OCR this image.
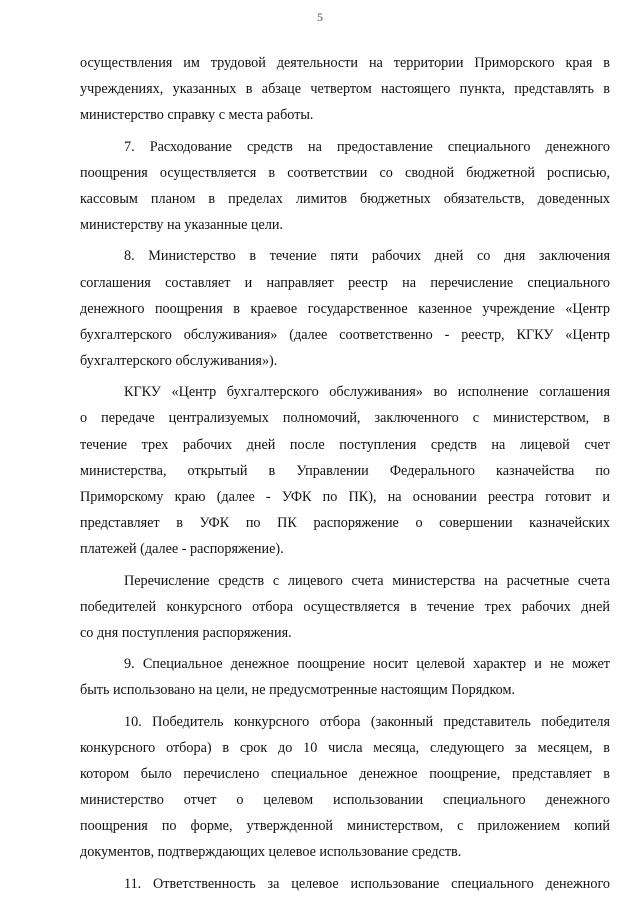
5
осуществления им трудовой деятельности на территории Приморского края в
учреждениях, указанных в абзаце четвертом настоящего пункта, представлять в
министерство справку с места работы.
7. Расходование средств на предоставление специального денежного
поощрения осуществляется в соответствии со сводной бюджетной росписью,
кассовым планом в пределах лимитов бюджетных обязательств, доведенных
министерству на указанные цели.
8. Министерство в течение пяти рабочих дней со дня заключения
соглашения составляет и направляет реестр на перечисление специального
денежного поощрения в краевое государственное казенное учреждение «Центр
бухгалтерского обслуживания» (далее соответственно - реестр, КГКУ «Центр
бухгалтерского обслуживания»).
КГКУ «Центр бухгалтерского обслуживания» во исполнение соглашения
о передаче централизуемых полномочий, заключенного с министерством, в
течение трех рабочих дней после поступления средств на лицевой счет
министерства, открытый в Управлении Федерального казначейства по
Приморскому краю (далее - УФК по ПК), на основании реестра готовит и
представляет в УФК по ПК распоряжение о совершении казначейских
платежей (далее - распоряжение).
Перечисление средств с лицевого счета министерства на расчетные счета
победителей конкурсного отбора осуществляется в течение трех рабочих дней
со дня поступления распоряжения.
9. Специальное денежное поощрение носит целевой характер и не может
быть использовано на цели, не предусмотренные настоящим Порядком.
10. Победитель конкурсного отбора (законный представитель победителя
конкурсного отбора) в срок до 10 числа месяца, следующего за месяцем, в
котором было перечислено специальное денежное поощрение, представляет в
министерство отчет о целевом использовании специального денежного
поощрения по форме, утвержденной министерством, с приложением копий
документов, подтверждающих целевое использование средств.
11. Ответственность за целевое использование специального денежного
